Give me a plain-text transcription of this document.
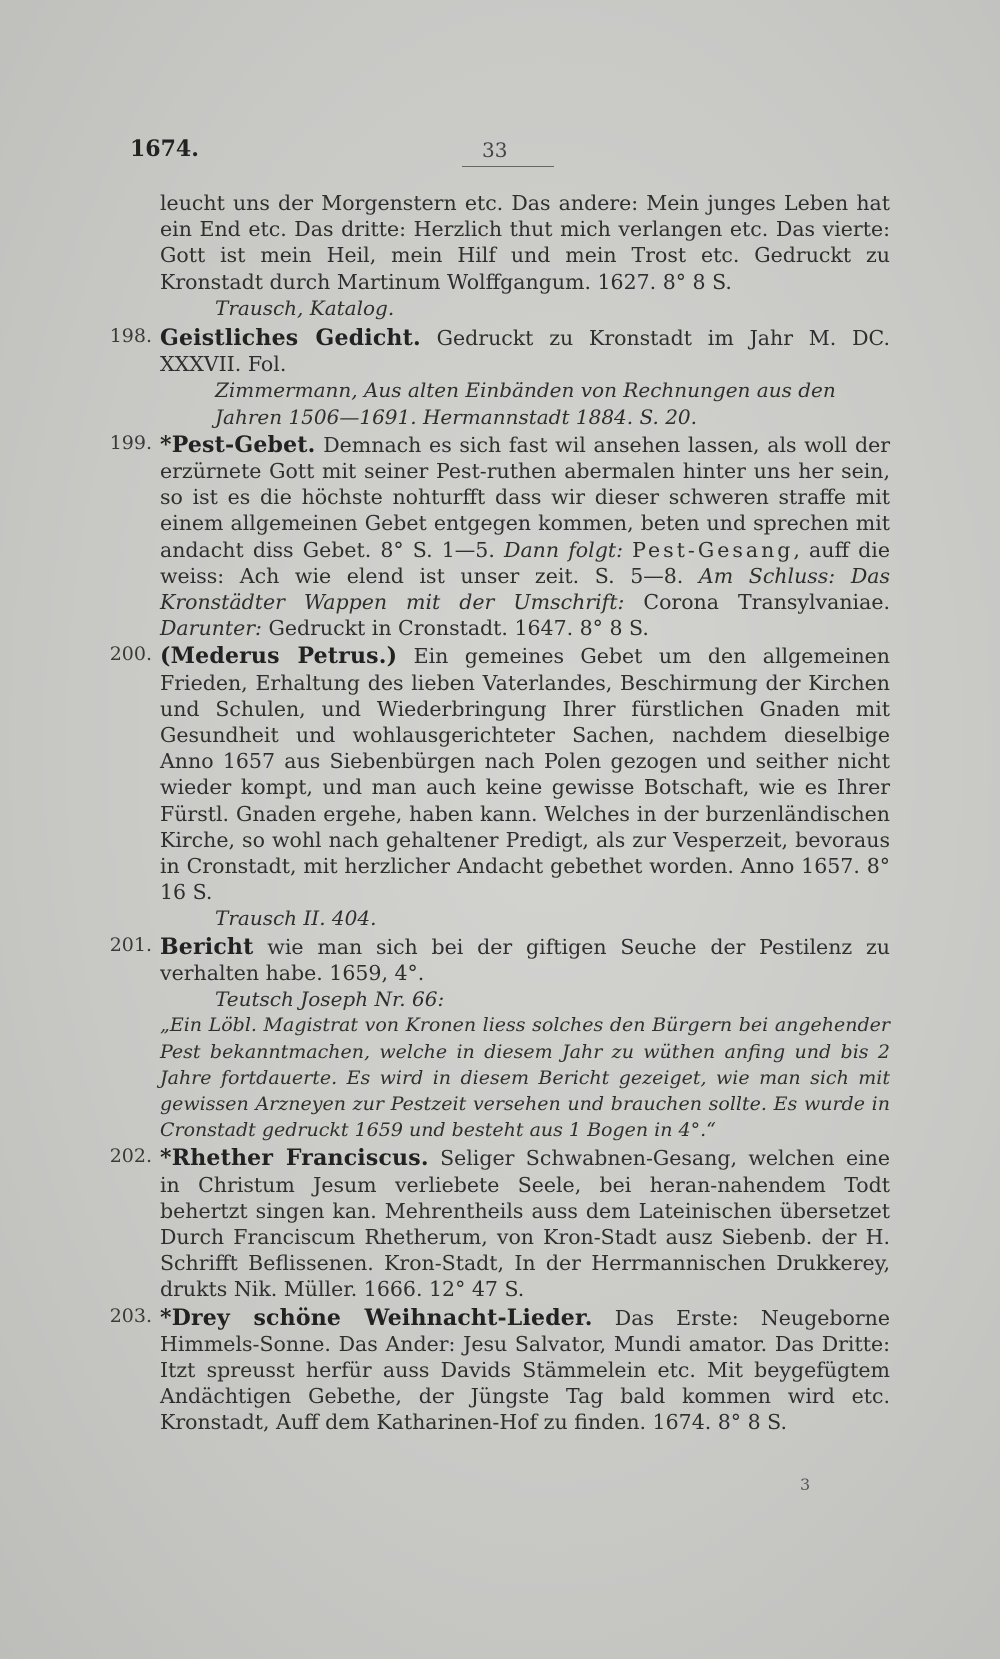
1674.	33

leucht uns der Morgenstern etc. Das andere: Mein junges Leben hat ein End etc. Das dritte: Herzlich thut mich verlangen etc. Das vierte: Gott ist mein Heil, mein Hilf und mein Trost etc. Gedruckt zu Kronstadt durch Martinum Wolffgangum. 1627. 8° 8 S.

Trausch, Katalog.

198. Geistliches Gedicht. Gedruckt zu Kronstadt im Jahr M. DC. XXXVII. Fol.

Zimmermann, Aus alten Einbänden von Rechnungen aus den Jahren 1506—1691. Hermannstadt 1884. S. 20.

199. *Pest-Gebet. Demnach es sich fast wil ansehen lassen, als woll der erzürnete Gott mit seiner Pest-ruthen abermalen hinter uns her sein, so ist es die höchste nohturfft dass wir dieser schweren straffe mit einem allgemeinen Gebet entgegen kommen, beten und sprechen mit andacht diss Gebet. 8° S. 1—5. Dann folgt: Pest-Gesang, auff die weiss: Ach wie elend ist unser zeit. S. 5—8. Am Schluss: Das Kronstädter Wappen mit der Umschrift: Corona Transylvaniae. Darunter: Gedruckt in Cronstadt. 1647. 8° 8 S.

200. (Mederus Petrus.) Ein gemeines Gebet um den allgemeinen Frieden, Erhaltung des lieben Vaterlandes, Beschirmung der Kirchen und Schulen, und Wiederbringung Ihrer fürstlichen Gnaden mit Gesundheit und wohlausgerichteter Sachen, nachdem dieselbige Anno 1657 aus Siebenbürgen nach Polen gezogen und seither nicht wieder kompt, und man auch keine gewisse Botschaft, wie es Ihrer Fürstl. Gnaden ergehe, haben kann. Welches in der burzenländischen Kirche, so wohl nach gehaltener Predigt, als zur Vesperzeit, bevoraus in Cronstadt, mit herzlicher Andacht gebethet worden. Anno 1657. 8° 16 S.

Trausch II. 404.

201. Bericht wie man sich bei der giftigen Seuche der Pestilenz zu verhalten habe. 1659, 4°.

Teutsch Joseph Nr. 66:

„Ein Löbl. Magistrat von Kronen liess solches den Bürgern bei angehender Pest bekanntmachen, welche in diesem Jahr zu wüthen anfing und bis 2 Jahre fortdauerte. Es wird in diesem Bericht gezeiget, wie man sich mit gewissen Arzneyen zur Pestzeit versehen und brauchen sollte. Es wurde in Cronstadt gedruckt 1659 und besteht aus 1 Bogen in 4°.“

202. *Rhether Franciscus. Seliger Schwabnen-Gesang, welchen eine in Christum Jesum verliebete Seele, bei heran-nahendem Todt behertzt singen kan. Mehrentheils auss dem Lateinischen übersetzet Durch Franciscum Rhetherum, von Kron-Stadt ausz Siebenb. der H. Schrifft Beflissenen. Kron-Stadt, In der Herrmannischen Drukkerey, drukts Nik. Müller. 1666. 12° 47 S.

203. *Drey schöne Weihnacht-Lieder. Das Erste: Neugeborne Himmels-Sonne. Das Ander: Jesu Salvator, Mundi amator. Das Dritte: Itzt spreusst herfür auss Davids Stämmelein etc. Mit beygefügtem Andächtigen Gebethe, der Jüngste Tag bald kommen wird etc. Kronstadt, Auff dem Katharinen-Hof zu finden. 1674. 8° 8 S.

3
